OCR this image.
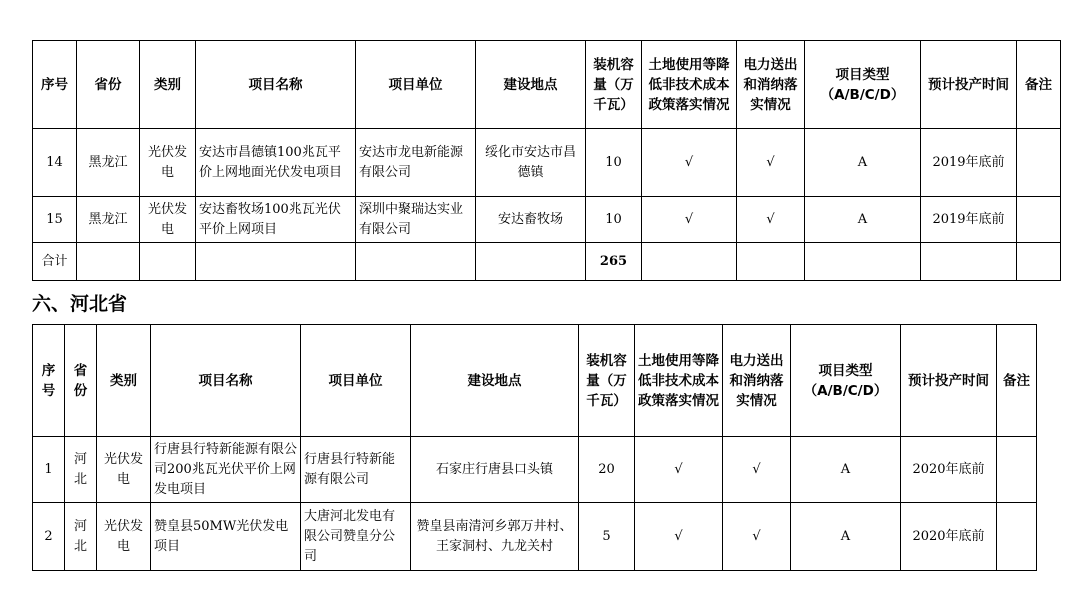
序号	省份	类别	项目名称	项目单位	建设地点	装机容量（万千瓦）	土地使用等降低非技术成本政策落实情况	电力送出和消纳落实情况	项目类型（A/B/C/D）	预计投产时间	备注
14	黑龙江	光伏发电	安达市昌德镇100兆瓦平价上网地面光伏发电项目	安达市龙电新能源有限公司	绥化市安达市昌德镇	10	√	√	A	2019年底前	
15	黑龙江	光伏发电	安达畜牧场100兆瓦光伏平价上网项目	深圳中聚瑞达实业有限公司	安达畜牧场	10	√	√	A	2019年底前	
合计						265					
六、河北省
序号	省份	类别	项目名称	项目单位	建设地点	装机容量（万千瓦）	土地使用等降低非技术成本政策落实情况	电力送出和消纳落实情况	项目类型（A/B/C/D）	预计投产时间	备注
1	河北	光伏发电	行唐县行特新能源有限公司200兆瓦光伏平价上网发电项目	行唐县行特新能源有限公司	石家庄行唐县口头镇	20	√	√	A	2020年底前	
2	河北	光伏发电	赞皇县50MW光伏发电项目	大唐河北发电有限公司赞皇分公司	赞皇县南清河乡郭万井村、王家洞村、九龙关村	5	√	√	A	2020年底前	
